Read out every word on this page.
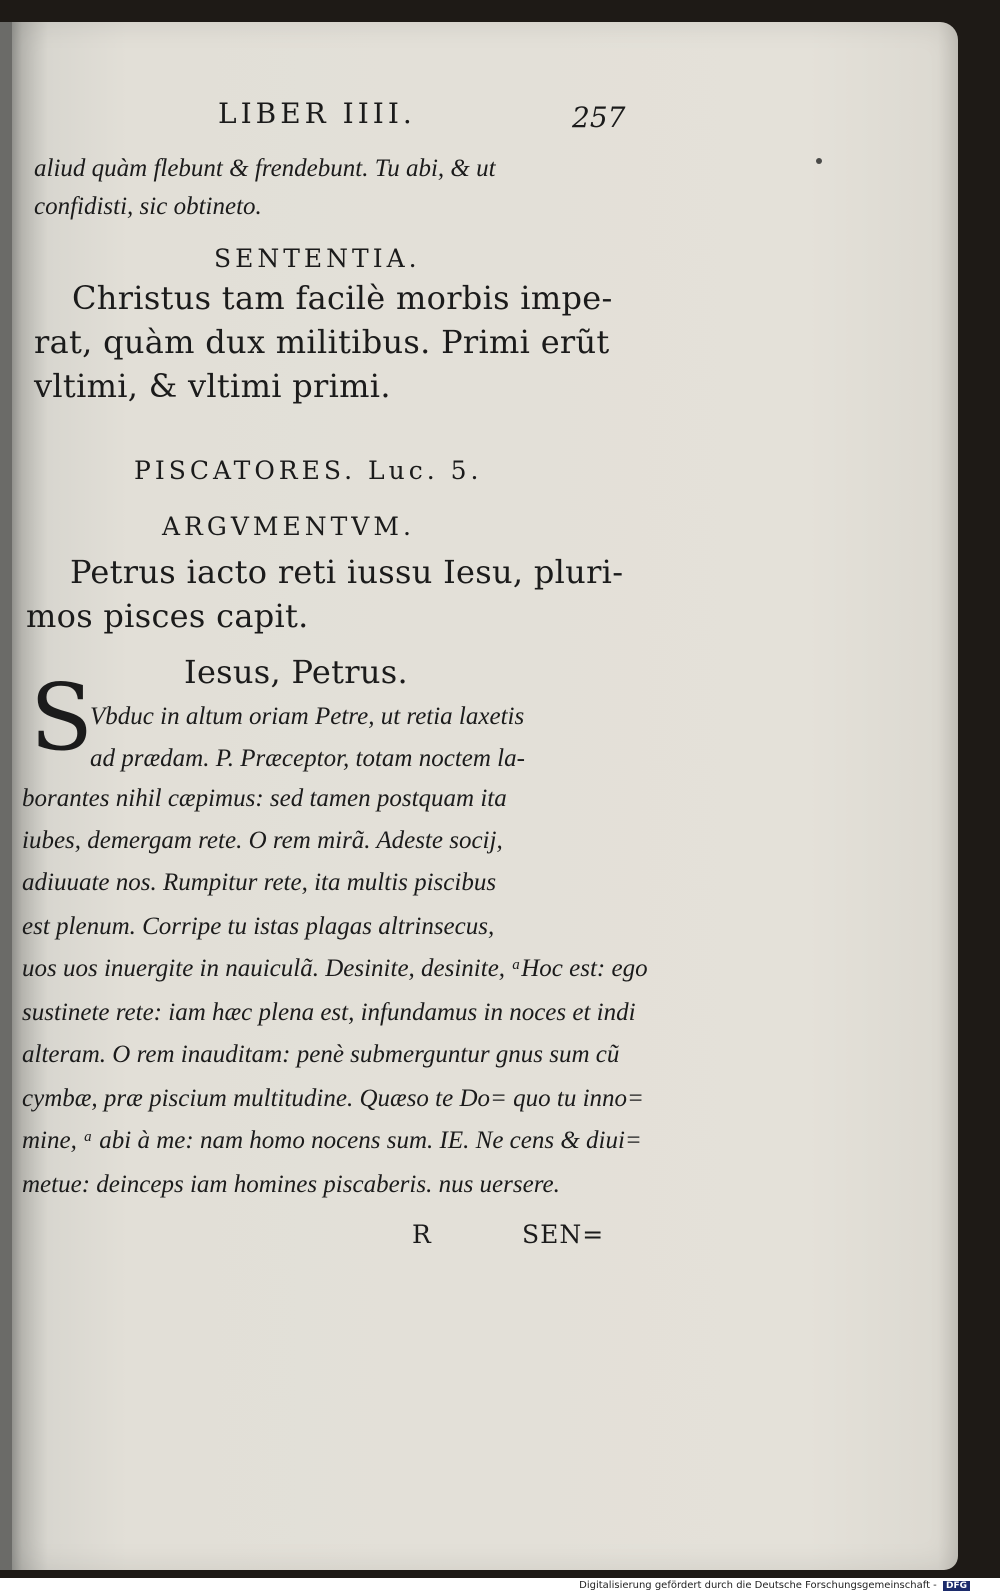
LIBER IIII.	257
aliud quàm flebunt & frendebunt. Tu abi, & ut
confidisti, sic obtineto.
SENTENTIA.
Christus tam facilè morbis impe-
rat, quàm dux militibus. Primi erũt
vltimi, & vltimi primi.
PISCATORES. Luc. 5.
ARGVMENTVM.
Petrus iacto reti iussu Iesu, pluri-
mos pisces capit.
Iesus, Petrus.
S
Vbduc in altum oriam Petre, ut retia laxetis
ad prædam. P. Præceptor, totam noctem la-
borantes nihil cæpimus: sed tamen postquam ita
iubes, demergam rete. O rem mirã. Adeste socij,
adiuuate nos. Rumpitur rete, ita multis piscibus
est plenum. Corripe tu istas plagas altrinsecus,
uos uos inuergite in nauiculã. Desinite, desinite, ᵃHoc est: ego
sustinete rete: iam hæc plena est, infundamus in noces et indi
alteram. O rem inauditam: penè submerguntur gnus sum cũ
cymbæ, præ piscium multitudine. Quæso te Do= quo tu inno=
mine, ᵃ abi à me: nam homo nocens sum. IE. Ne cens & diui=
metue: deinceps iam homines piscaberis. nus uersere.
R	SEN=
Digitalisierung gefördert durch die Deutsche Forschungsgemeinschaft - DFG
